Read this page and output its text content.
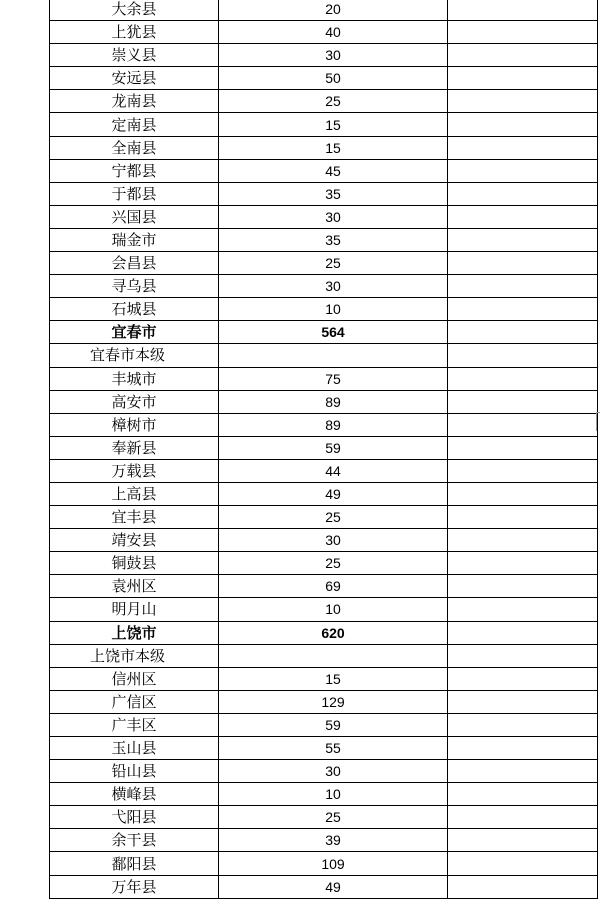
大余县	20	
上犹县	40	
崇义县	30	
安远县	50	
龙南县	25	
定南县	15	
全南县	15	
宁都县	45	
于都县	35	
兴国县	30	
瑞金市	35	
会昌县	25	
寻乌县	30	
石城县	10	
宜春市	564	
宜春市本级		
丰城市	75	
高安市	89	
樟树市	89	
奉新县	59	
万载县	44	
上高县	49	
宜丰县	25	
靖安县	30	
铜鼓县	25	
袁州区	69	
明月山	10	
上饶市	620	
上饶市本级		
信州区	15	
广信区	129	
广丰区	59	
玉山县	55	
铅山县	30	
横峰县	10	
弋阳县	25	
余干县	39	
鄱阳县	109	
万年县	49	
